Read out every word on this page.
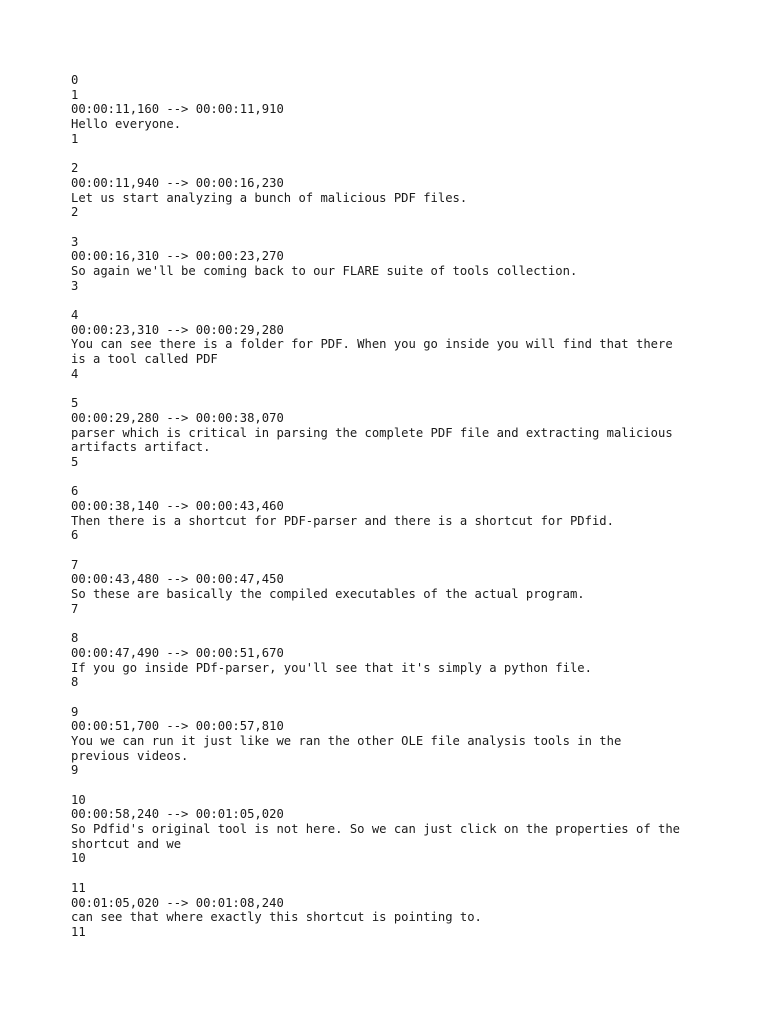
0
1
00:00:11,160 --> 00:00:11,910
Hello everyone.
1
2
00:00:11,940 --> 00:00:16,230
Let us start analyzing a bunch of malicious PDF files.
2
3
00:00:16,310 --> 00:00:23,270
So again we'll be coming back to our FLARE suite of tools collection.
3
4
00:00:23,310 --> 00:00:29,280
You can see there is a folder for PDF. When you go inside you will find that there
is a tool called PDF
4
5
00:00:29,280 --> 00:00:38,070
parser which is critical in parsing the complete PDF file and extracting malicious
artifacts artifact.
5
6
00:00:38,140 --> 00:00:43,460
Then there is a shortcut for PDF-parser and there is a shortcut for PDfid.
6
7
00:00:43,480 --> 00:00:47,450
So these are basically the compiled executables of the actual program.
7
8
00:00:47,490 --> 00:00:51,670
If you go inside PDf-parser, you'll see that it's simply a python file.
8
9
00:00:51,700 --> 00:00:57,810
You we can run it just like we ran the other OLE file analysis tools in the
previous videos.
9
10
00:00:58,240 --> 00:01:05,020
So Pdfid's original tool is not here. So we can just click on the properties of the
shortcut and we
10
11
00:01:05,020 --> 00:01:08,240
can see that where exactly this shortcut is pointing to.
11
